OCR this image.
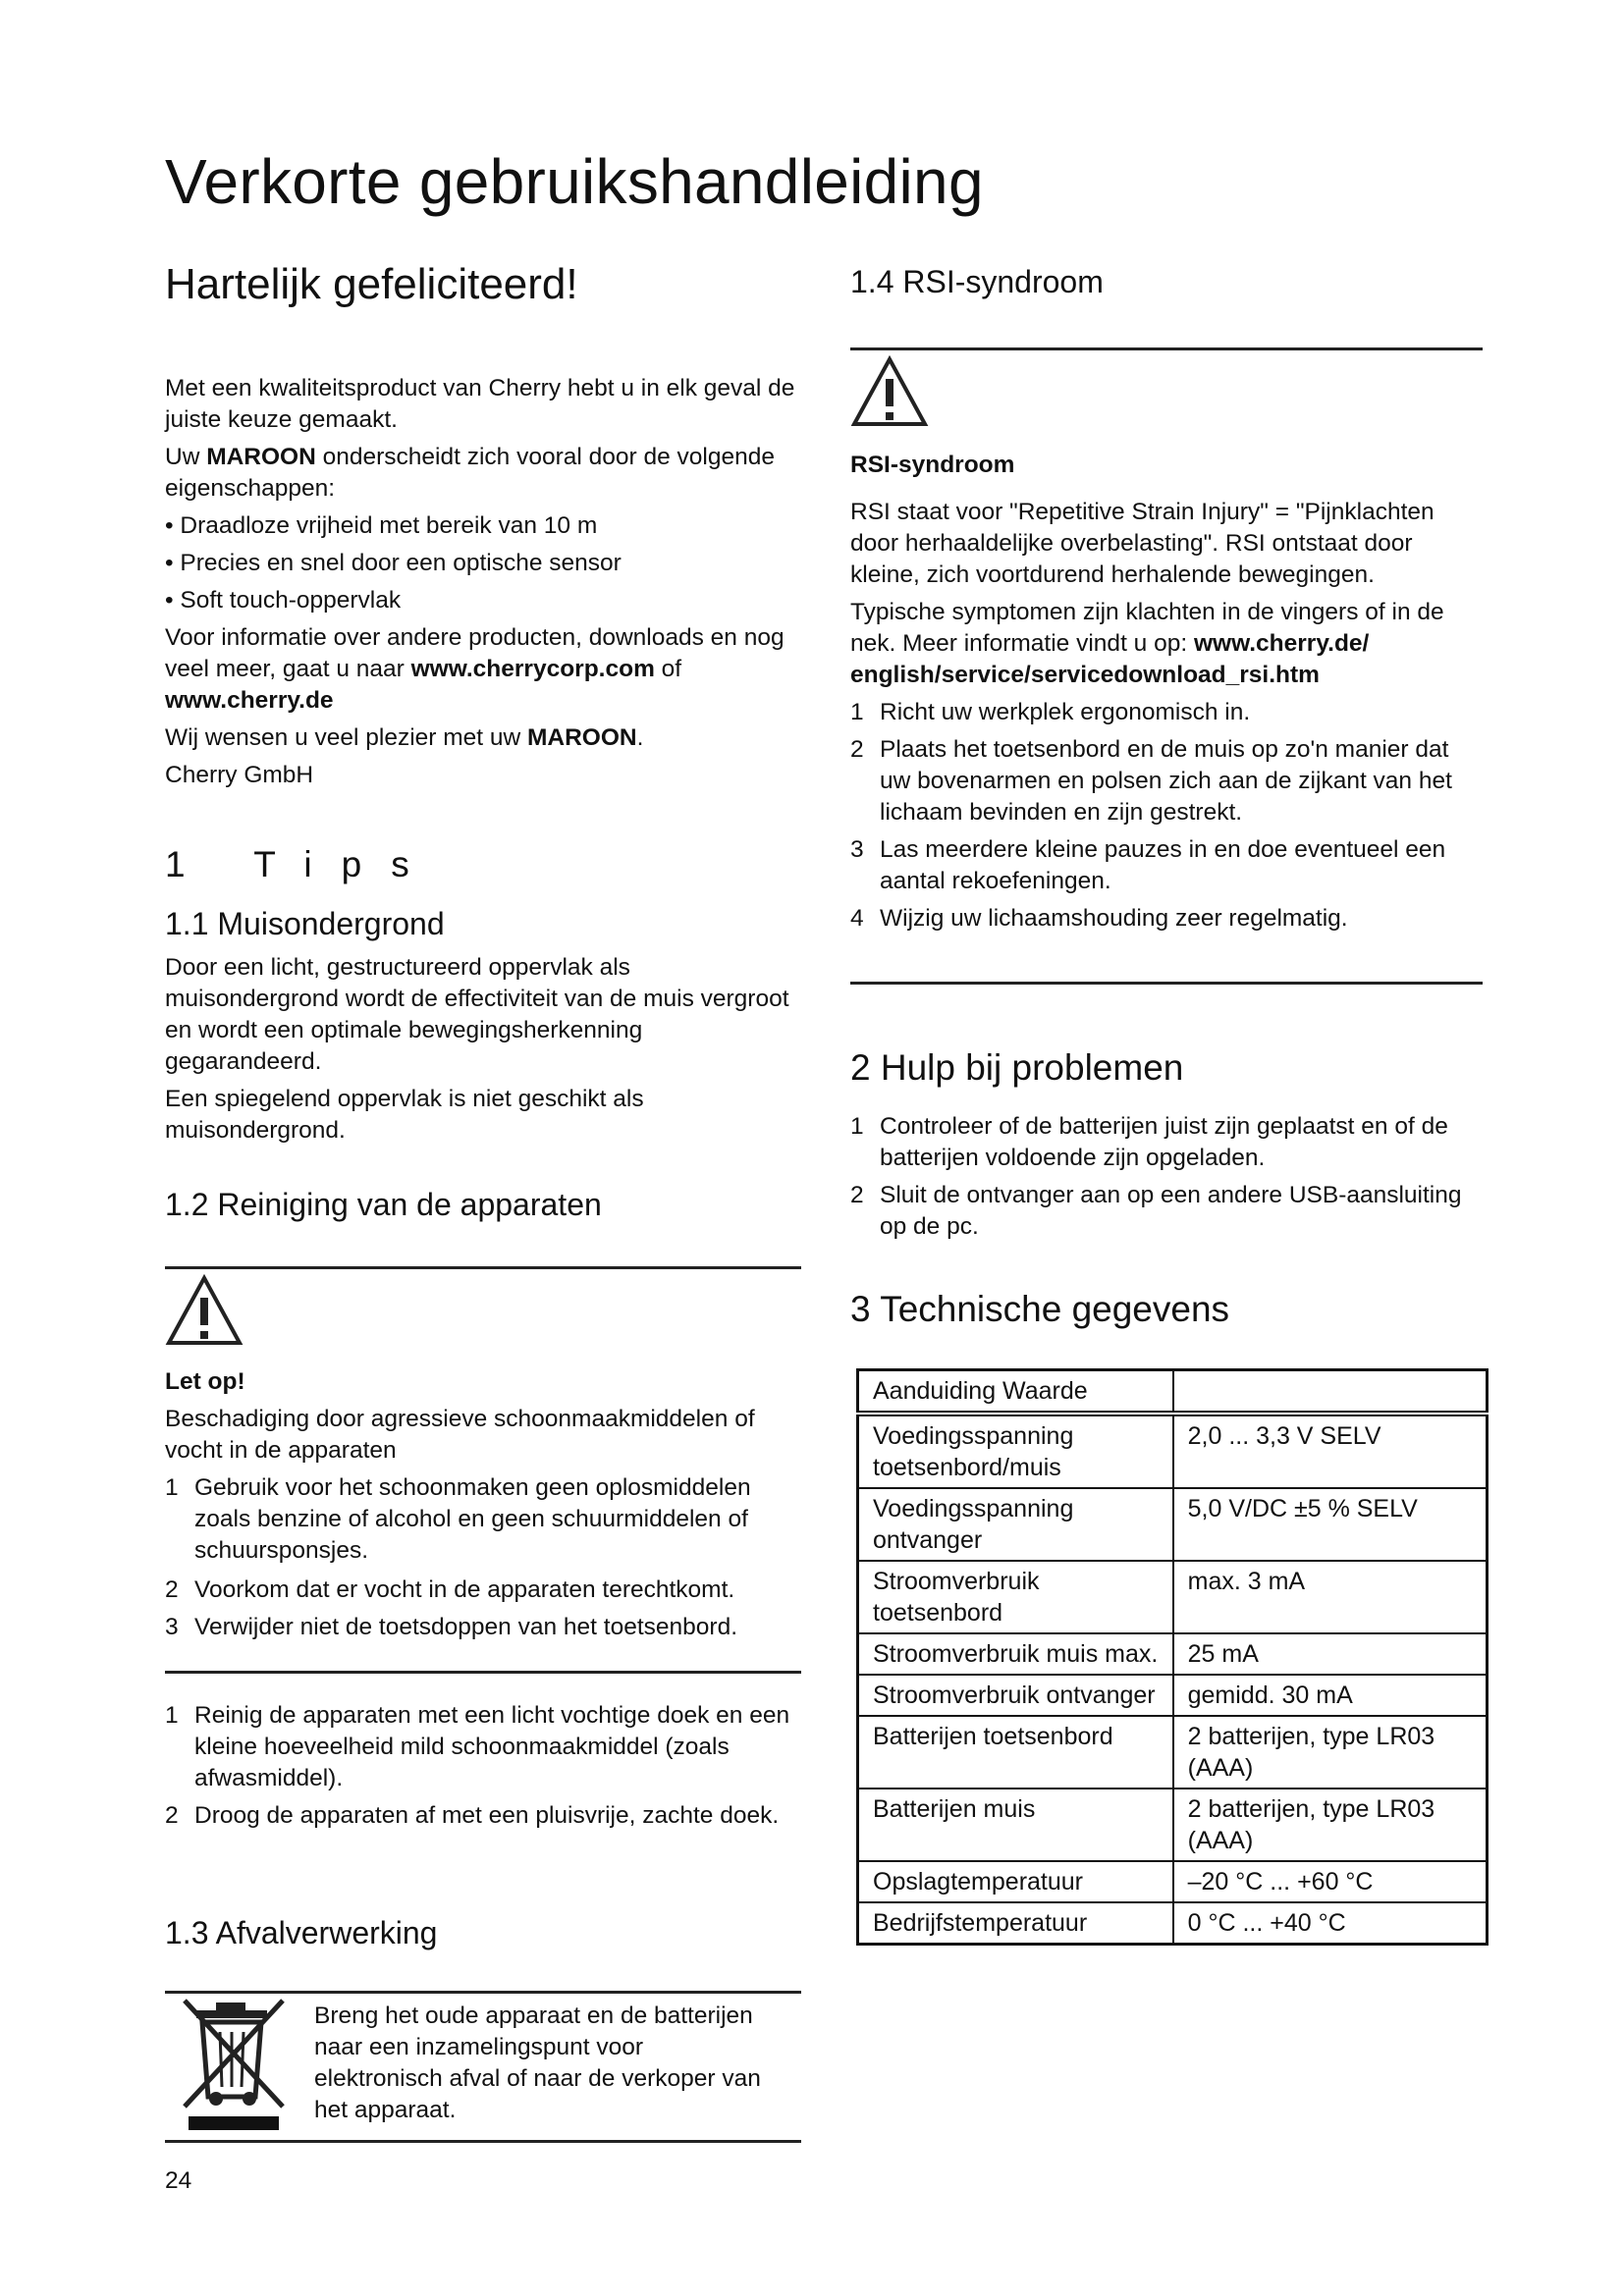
Verkorte gebruikshandleiding
Hartelijk gefeliciteerd!

Met een kwaliteitsproduct van Cherry hebt u in elk geval de juiste keuze gemaakt.

Uw MAROON onderscheidt zich vooral door de volgende eigenschappen:

• Draadloze vrijheid met bereik van 10 m

• Precies en snel door een optische sensor

• Soft touch-oppervlak

Voor informatie over andere producten, downloads en nog veel meer, gaat u naar www.cherrycorp.com of
www.cherry.de

Wij wensen u veel plezier met uw MAROON.

Cherry GmbH

1 Tips
1.1 Muisondergrond

Door een licht, gestructureerd oppervlak als muisondergrond wordt de effectiviteit van de muis vergroot en wordt een optimale bewegingsherkenning gegarandeerd.

Een spiegelend oppervlak is niet geschikt als muisondergrond.

1.2 Reiniging van de apparaten

Let op!

Beschadiging door agressieve schoonmaakmiddelen of vocht in de apparaten

1 Gebruik voor het schoonmaken geen oplosmiddelen zoals benzine of alcohol en geen schuurmiddelen of schuursponsjes.

2 Voorkom dat er vocht in de apparaten terechtkomt.

3 Verwijder niet de toetsdoppen van het toetsenbord.

1 Reinig de apparaten met een licht vochtige doek en een kleine hoeveelheid mild schoonmaakmiddel (zoals afwasmiddel).

2 Droog de apparaten af met een pluisvrije, zachte doek.

1.3 Afvalverwerking

Breng het oude apparaat en de batterijen naar een inzamelingspunt voor elektronisch afval of naar de verkoper van het apparaat.

24
1.4 RSI-syndroom

RSI-syndroom

RSI staat voor "Repetitive Strain Injury" = "Pijnklachten door herhaaldelijke overbelasting". RSI ontstaat door kleine, zich voortdurend herhalende bewegingen.

Typische symptomen zijn klachten in de vingers of in de nek. Meer informatie vindt u op: www.cherry.de/ english/service/servicedownload_rsi.htm

1 Richt uw werkplek ergonomisch in.

2 Plaats het toetsenbord en de muis op zo'n manier dat uw bovenarmen en polsen zich aan de zijkant van het lichaam bevinden en zijn gestrekt.

3 Las meerdere kleine pauzes in en doe eventueel een aantal rekoefeningen.

4 Wijzig uw lichaamshouding zeer regelmatig.

2 Hulp bij problemen

1 Controleer of de batterijen juist zijn geplaatst en of de batterijen voldoende zijn opgeladen.

2 Sluit de ontvanger aan op een andere USB-aansluiting op de pc.

3 Technische gegevens
Aanduiding Waarde	
Voedingsspanning toetsenbord/muis	2,0 ... 3,3 V SELV
Voedingsspanning ontvanger	5,0 V/DC ±5 % SELV
Stroomverbruik toetsenbord	max. 3 mA
Stroomverbruik muis max.	25 mA
Stroomverbruik ontvanger	gemidd. 30 mA
Batterijen toetsenbord	2 batterijen, type LR03 (AAA)
Batterijen muis	2 batterijen, type LR03 (AAA)
Opslagtemperatuur	–20 °C ... +60 °C
Bedrijfstemperatuur	0 °C ... +40 °C
